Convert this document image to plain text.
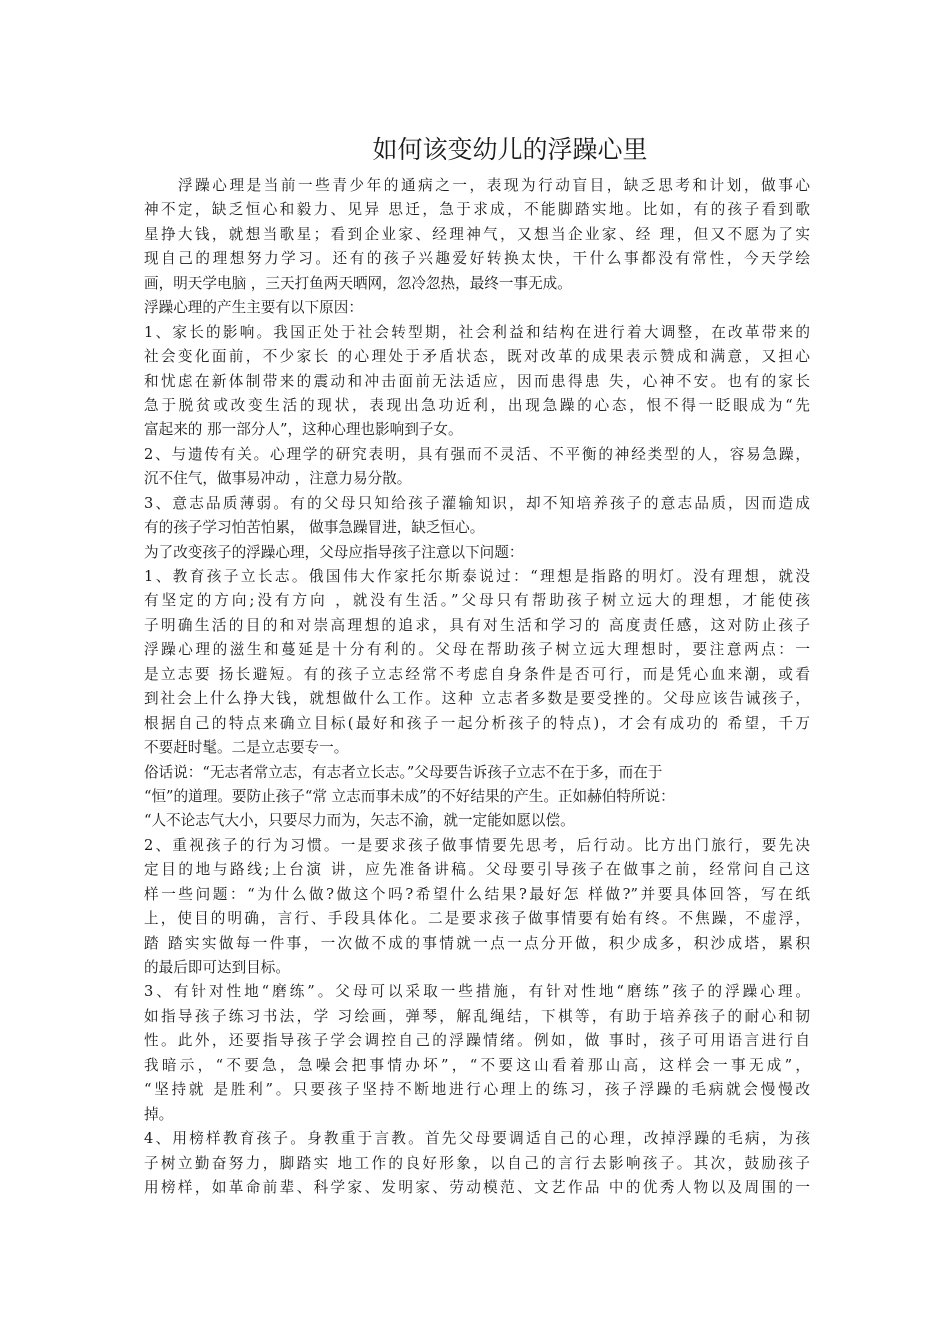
如何该变幼儿的浮躁心里
浮躁心理是当前一些青少年的通病之一，表现为行动盲目，缺乏思考和计划，做事心
神不定，缺乏恒心和毅力、见异 思迁，急于求成，不能脚踏实地。比如，有的孩子看到歌
星挣大钱，就想当歌星；看到企业家、经理神气，又想当企业家、经 理，但又不愿为了实
现自己的理想努力学习。还有的孩子兴趣爱好转换太快，干什么事都没有常性，今天学绘
画，明天学电脑 ，三天打鱼两天晒网，忽冷忽热，最终一事无成。
浮躁心理的产生主要有以下原因：
1、家长的影响。我国正处于社会转型期，社会利益和结构在进行着大调整，在改革带来的
社会变化面前，不少家长 的心理处于矛盾状态，既对改革的成果表示赞成和满意，又担心
和忧虑在新体制带来的震动和冲击面前无法适应，因而患得患 失，心神不安。也有的家长
急于脱贫或改变生活的现状，表现出急功近利，出现急躁的心态，恨不得一眨眼成为“先
富起来的 那一部分人”，这种心理也影响到子女。
2、与遗传有关。心理学的研究表明，具有强而不灵活、不平衡的神经类型的人，容易急躁，
沉不住气，做事易冲动 ，注意力易分散。
3、意志品质薄弱。有的父母只知给孩子灌输知识，却不知培养孩子的意志品质，因而造成
有的孩子学习怕苦怕累， 做事急躁冒进，缺乏恒心。
为了改变孩子的浮躁心理，父母应指导孩子注意以下问题：
1、教育孩子立长志。俄国伟大作家托尔斯泰说过：“理想是指路的明灯。没有理想，就没
有坚定的方向;没有方向 ，就没有生活。”父母只有帮助孩子树立远大的理想，才能使孩
子明确生活的目的和对崇高理想的追求，具有对生活和学习的 高度责任感，这对防止孩子
浮躁心理的滋生和蔓延是十分有利的。父母在帮助孩子树立远大理想时，要注意两点：一
是立志要 扬长避短。有的孩子立志经常不考虑自身条件是否可行，而是凭心血来潮，或看
到社会上什么挣大钱，就想做什么工作。这种 立志者多数是要受挫的。父母应该告诫孩子，
根据自己的特点来确立目标(最好和孩子一起分析孩子的特点)，才会有成功的 希望，千万
不要赶时髦。二是立志要专一。
俗话说：“无志者常立志，有志者立长志。”父母要告诉孩子立志不在于多，而在于
“恒”的道理。要防止孩子“常 立志而事未成”的不好结果的产生。正如赫伯特所说：
“人不论志气大小，只要尽力而为，矢志不渝，就一定能如愿以偿。
2、重视孩子的行为习惯。一是要求孩子做事情要先思考，后行动。比方出门旅行，要先决
定目的地与路线;上台演 讲，应先准备讲稿。父母要引导孩子在做事之前，经常问自己这
样一些问题：“为什么做?做这个吗?希望什么结果?最好怎 样做?”并要具体回答，写在纸
上，使目的明确，言行、手段具体化。二是要求孩子做事情要有始有终。不焦躁，不虚浮，
踏 踏实实做每一件事，一次做不成的事情就一点一点分开做，积少成多，积沙成塔，累积
的最后即可达到目标。
3、有针对性地“磨练”。父母可以采取一些措施，有针对性地“磨练”孩子的浮躁心理。
如指导孩子练习书法，学 习绘画，弹琴，解乱绳结，下棋等，有助于培养孩子的耐心和韧
性。此外，还要指导孩子学会调控自己的浮躁情绪。例如，做 事时，孩子可用语言进行自
我暗示，“不要急，急噪会把事情办坏”，“不要这山看着那山高，这样会一事无成”，
“坚持就 是胜利”。只要孩子坚持不断地进行心理上的练习，孩子浮躁的毛病就会慢慢改
掉。
4、用榜样教育孩子。身教重于言教。首先父母要调适自己的心理，改掉浮躁的毛病，为孩
子树立勤奋努力，脚踏实 地工作的良好形象，以自己的言行去影响孩子。其次，鼓励孩子
用榜样，如革命前辈、科学家、发明家、劳动模范、文艺作品 中的优秀人物以及周围的一
